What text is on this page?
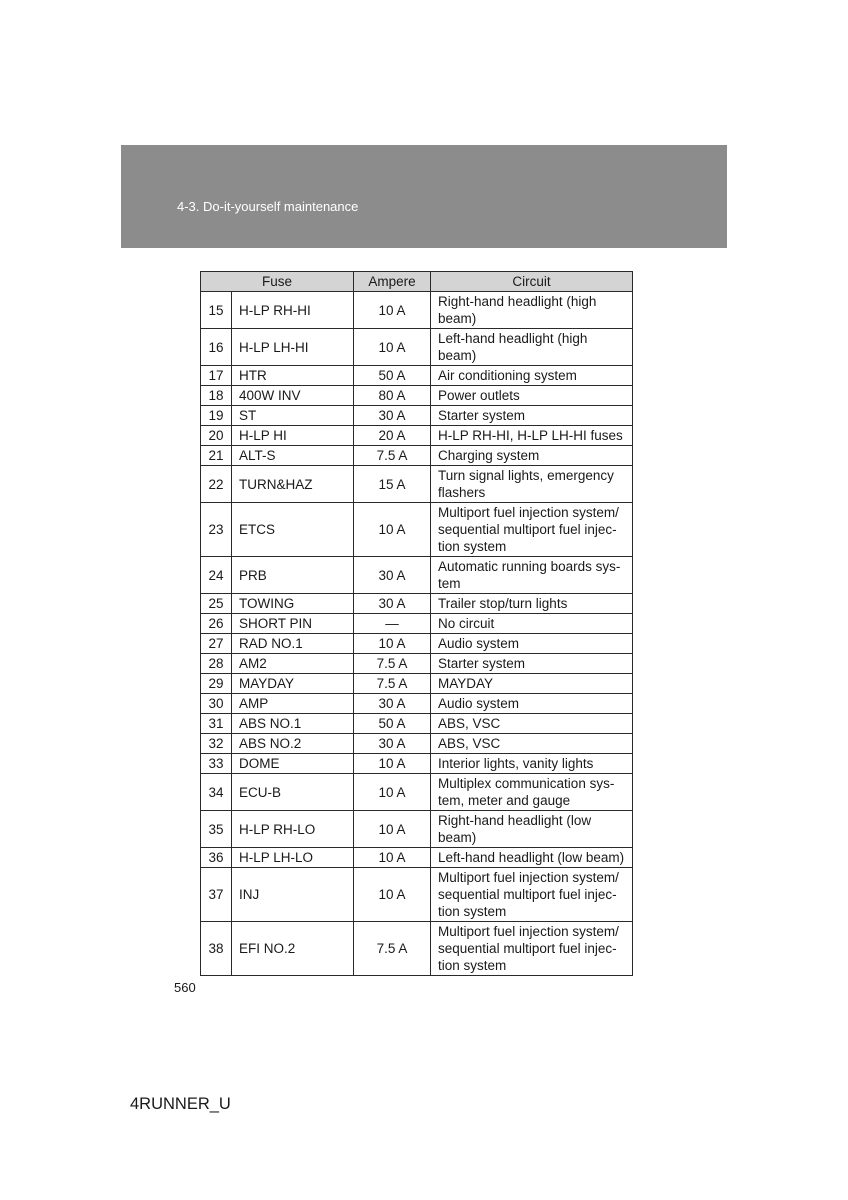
4-3. Do-it-yourself maintenance
Fuse		Ampere	Circuit
15	H-LP RH-HI	10 A	Right-hand headlight (high beam)
16	H-LP LH-HI	10 A	Left-hand headlight (high beam)
17	HTR	50 A	Air conditioning system
18	400W INV	80 A	Power outlets
19	ST	30 A	Starter system
20	H-LP HI	20 A	H-LP RH-HI, H-LP LH-HI fuses
21	ALT-S	7.5 A	Charging system
22	TURN&HAZ	15 A	Turn signal lights, emergency flashers
23	ETCS	10 A	Multiport fuel injection system/ sequential multiport fuel injec- tion system
24	PRB	30 A	Automatic running boards sys- tem
25	TOWING	30 A	Trailer stop/turn lights
26	SHORT PIN	—	No circuit
27	RAD NO.1	10 A	Audio system
28	AM2	7.5 A	Starter system
29	MAYDAY	7.5 A	MAYDAY
30	AMP	30 A	Audio system
31	ABS NO.1	50 A	ABS, VSC
32	ABS NO.2	30 A	ABS, VSC
33	DOME	10 A	Interior lights, vanity lights
34	ECU-B	10 A	Multiplex communication sys- tem, meter and gauge
35	H-LP RH-LO	10 A	Right-hand headlight (low beam)
36	H-LP LH-LO	10 A	Left-hand headlight (low beam)
37	INJ	10 A	Multiport fuel injection system/ sequential multiport fuel injec- tion system
38	EFI NO.2	7.5 A	Multiport fuel injection system/ sequential multiport fuel injec- tion system
560
4RUNNER_U
